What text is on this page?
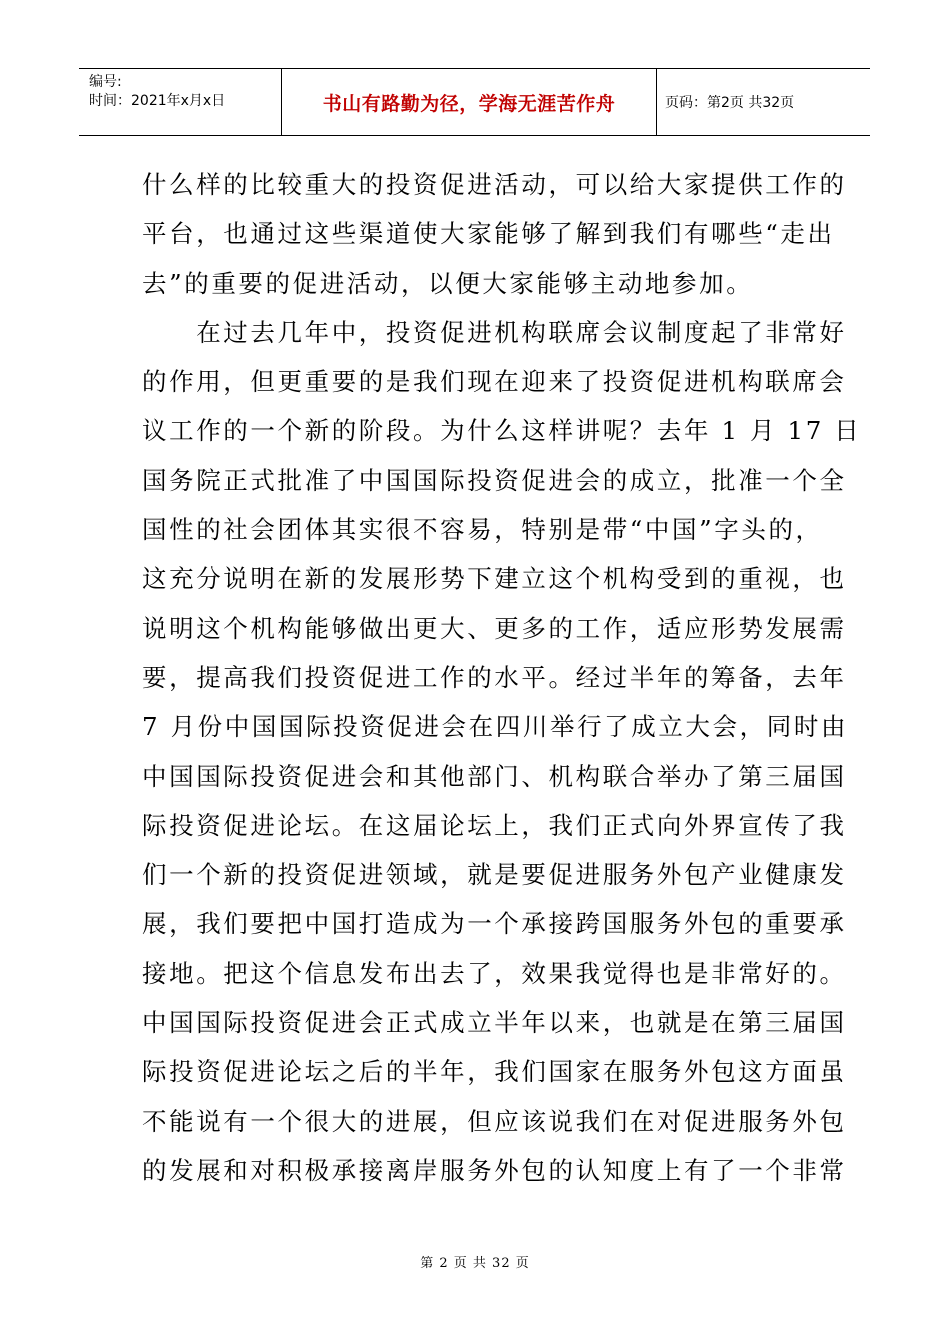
编号:
时间：2021年x月x日	书山有路勤为径，学海无涯苦作舟	页码：第2页 共32页
什么样的比较重大的投资促进活动，可以给大家提供工作的
平台，也通过这些渠道使大家能够了解到我们有哪些“走出
去”的重要的促进活动，以便大家能够主动地参加。
　　在过去几年中，投资促进机构联席会议制度起了非常好
的作用，但更重要的是我们现在迎来了投资促进机构联席会
议工作的一个新的阶段。为什么这样讲呢？去年 1 月 17 日
国务院正式批准了中国国际投资促进会的成立，批准一个全
国性的社会团体其实很不容易，特别是带“中国”字头的，
这充分说明在新的发展形势下建立这个机构受到的重视，也
说明这个机构能够做出更大、更多的工作，适应形势发展需
要，提高我们投资促进工作的水平。经过半年的筹备，去年
7 月份中国国际投资促进会在四川举行了成立大会，同时由
中国国际投资促进会和其他部门、机构联合举办了第三届国
际投资促进论坛。在这届论坛上，我们正式向外界宣传了我
们一个新的投资促进领域，就是要促进服务外包产业健康发
展，我们要把中国打造成为一个承接跨国服务外包的重要承
接地。把这个信息发布出去了，效果我觉得也是非常好的。
中国国际投资促进会正式成立半年以来，也就是在第三届国
际投资促进论坛之后的半年，我们国家在服务外包这方面虽
不能说有一个很大的进展，但应该说我们在对促进服务外包
的发展和对积极承接离岸服务外包的认知度上有了一个非常
第 2 页 共 32 页
